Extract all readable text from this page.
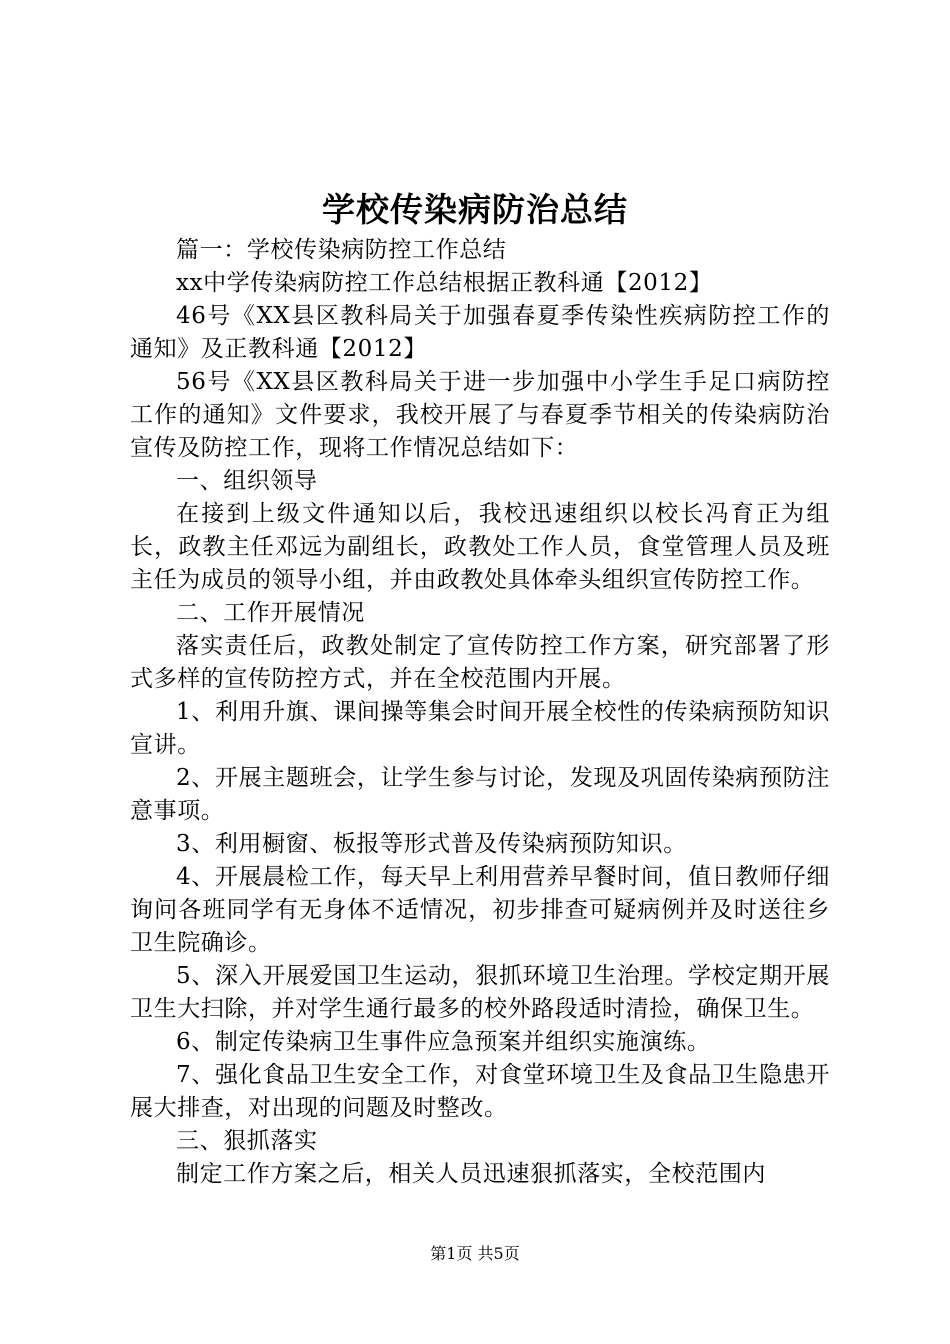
学校传染病防治总结

篇一：学校传染病防控工作总结

xx中学传染病防控工作总结根据正教科通【2012】

46号《XX县区教科局关于加强春夏季传染性疾病防控工作的通知》及正教科通【2012】

56号《XX县区教科局关于进一步加强中小学生手足口病防控工作的通知》文件要求，我校开展了与春夏季节相关的传染病防治宣传及防控工作，现将工作情况总结如下：

一、组织领导

在接到上级文件通知以后，我校迅速组织以校长冯育正为组长，政教主任邓远为副组长，政教处工作人员，食堂管理人员及班主任为成员的领导小组，并由政教处具体牵头组织宣传防控工作。

二、工作开展情况

落实责任后，政教处制定了宣传防控工作方案，研究部署了形式多样的宣传防控方式，并在全校范围内开展。

1、利用升旗、课间操等集会时间开展全校性的传染病预防知识宣讲。

2、开展主题班会，让学生参与讨论，发现及巩固传染病预防注意事项。

3、利用橱窗、板报等形式普及传染病预防知识。

4、开展晨检工作，每天早上利用营养早餐时间，值日教师仔细询问各班同学有无身体不适情况，初步排查可疑病例并及时送往乡卫生院确诊。

5、深入开展爱国卫生运动，狠抓环境卫生治理。学校定期开展卫生大扫除，并对学生通行最多的校外路段适时清捡，确保卫生。

6、制定传染病卫生事件应急预案并组织实施演练。

7、强化食品卫生安全工作，对食堂环境卫生及食品卫生隐患开展大排查，对出现的问题及时整改。

三、狠抓落实

制定工作方案之后，相关人员迅速狠抓落实，全校范围内

第1页 共5页
